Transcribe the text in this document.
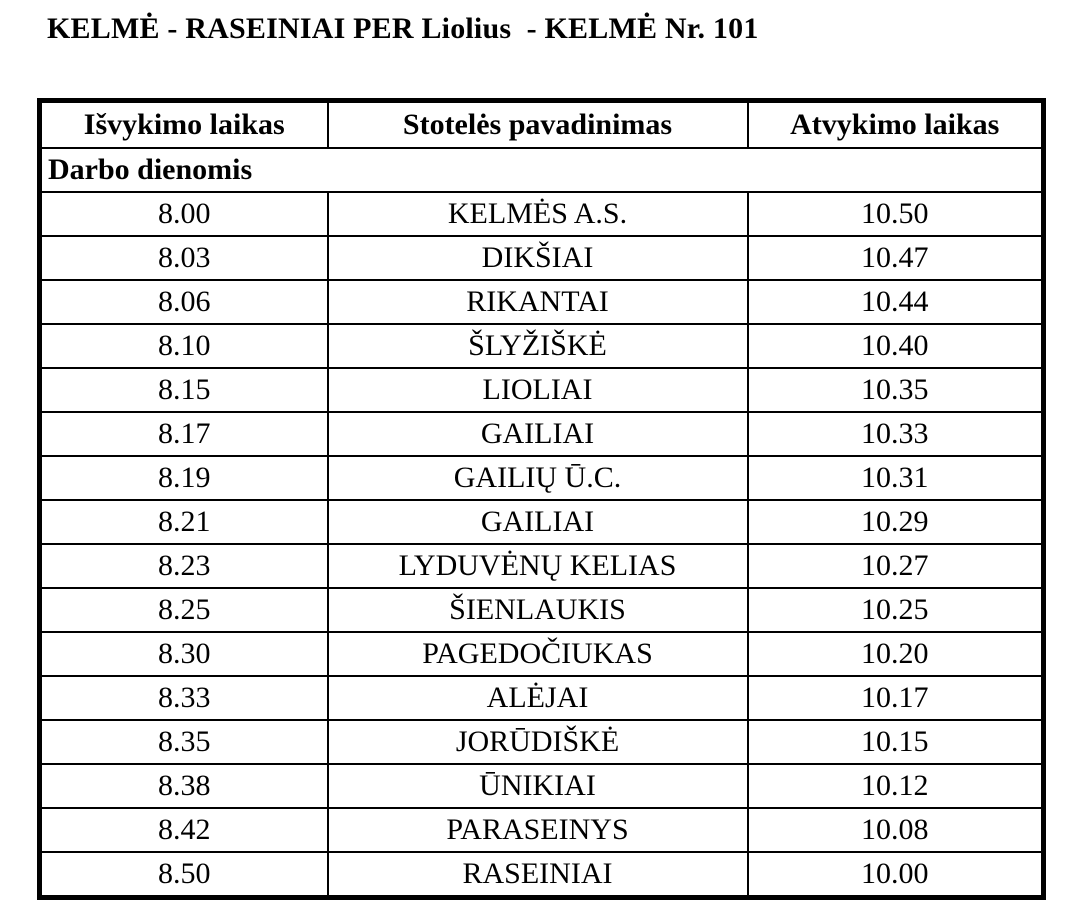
KELMĖ - RASEINIAI PER Liolius  - KELMĖ Nr. 101
Išvykimo laikas	Stotelės pavadinimas	Atvykimo laikas
Darbo dienomis		
8.00	KELMĖS A.S.	10.50
8.03	DIKŠIAI	10.47
8.06	RIKANTAI	10.44
8.10	ŠLYŽIŠKĖ	10.40
8.15	LIOLIAI	10.35
8.17	GAILIAI	10.33
8.19	GAILIŲ Ū.C.	10.31
8.21	GAILIAI	10.29
8.23	LYDUVĖNŲ KELIAS	10.27
8.25	ŠIENLAUKIS	10.25
8.30	PAGEDOČIUKAS	10.20
8.33	ALĖJAI	10.17
8.35	JORŪDIŠKĖ	10.15
8.38	ŪNIKIAI	10.12
8.42	PARASEINYS	10.08
8.50	RASEINIAI	10.00
